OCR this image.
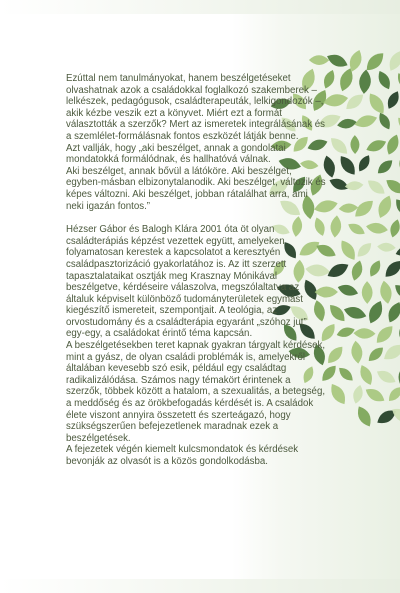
Ezúttal nem tanulmányokat, hanem beszélgetéseket olvashatnak azok a családokkal foglalkozó szakemberek – lelkészek, pedagógusok, családterapeuták, lelkigondozók –, akik kézbe veszik ezt a könyvet. Miért ezt a formát választották a szerzők? Mert az ismeretek integrálásának és a szemlélet-formálásnak fontos eszközét látják benne.

Azt vallják, hogy „aki beszélget, annak a gondolatai mondatokká formálódnak, és hallhatóvá válnak.

Aki beszélget, annak bővül a látóköre. Aki beszélget, egyben-másban elbizonytalanodik. Aki beszélget, változik és képes változni. Aki beszélget, jobban rátalálhat arra, ami neki igazán fontos.”

Hézser Gábor és Balogh Klára 2001 óta öt olyan családterápiás képzést vezettek együtt, amelyeken folyamatosan kerestek a kapcsolatot a keresztyén családpasztorizáció gyakorlatához is. Az itt szerzett tapasztalataikat osztják meg Krasznay Mónikával beszélgetve, kérdéseire válaszolva, megszólaltatva az általuk képviselt különböző tudományterületek egymást kiegészítő ismereteit, szempontjait. A teológia, az orvostudomány és a családterápia egyaránt „szóhoz jut” egy-egy, a családokat érintő téma kapcsán.

A beszélgetésekben teret kapnak gyakran tárgyalt kérdések, mint a gyász, de olyan családi problémák is, amelyekről általában kevesebb szó esik, például egy családtag radikalizálódása. Számos nagy témakört érintenek a szerzők, többek között a hatalom, a szexualitás, a betegség, a meddőség és az örökbefogadás kérdését is. A családok élete viszont annyira összetett és szerteágazó, hogy szükségszerűen befejezetlenek maradnak ezek a beszélgetések.

A fejezetek végén kiemelt kulcsmondatok és kérdések bevonják az olvasót is a közös gondolkodásba.
